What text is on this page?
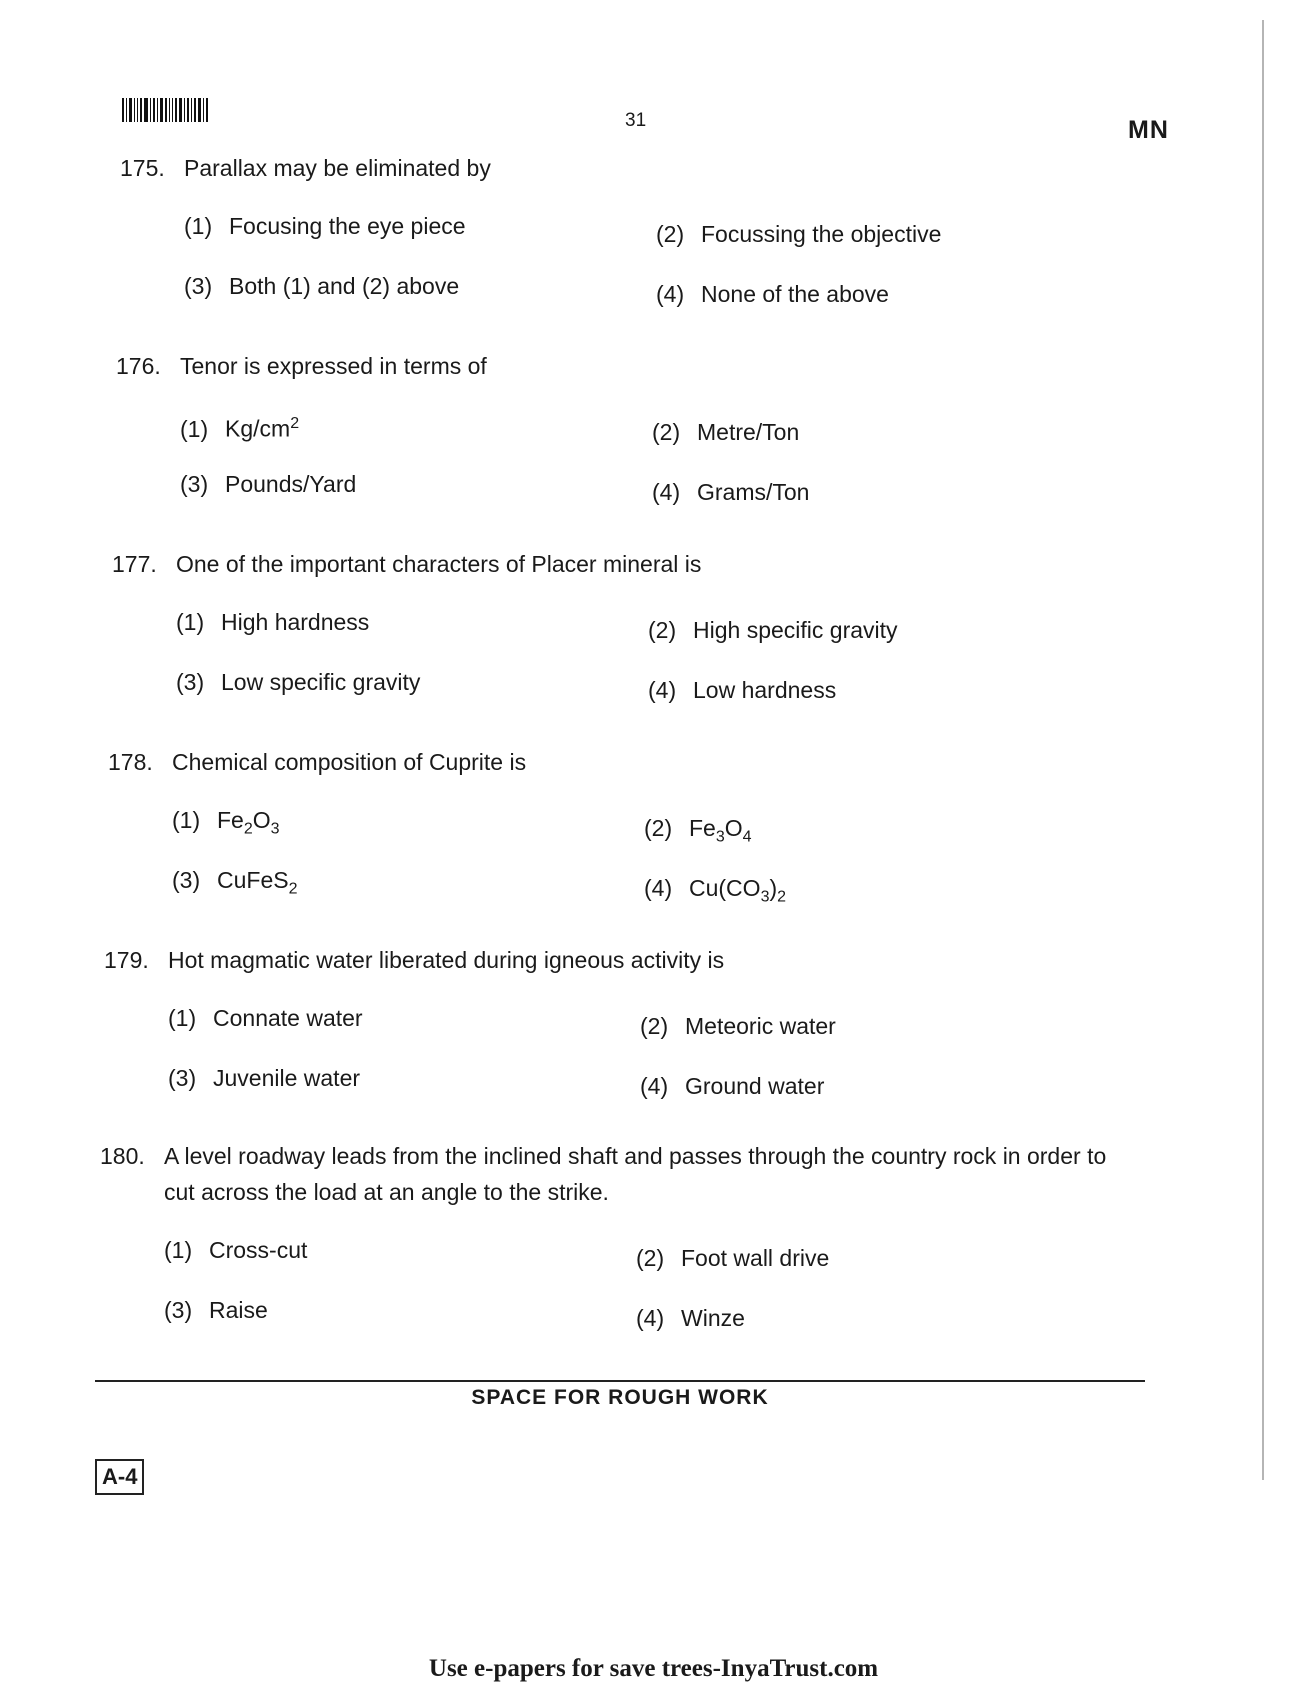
31	MN
175. Parallax may be eliminated by
(1) Focusing the eye piece	(2) Focussing the objective
(3) Both (1) and (2) above	(4) None of the above
176. Tenor is expressed in terms of
(1) $Kg/cm^2$	(2) Metre/Ton
(3) Pounds/Yard	(4) Grams/Ton
177. One of the important characters of Placer mineral is
(1) High hardness	(2) High specific gravity
(3) Low specific gravity	(4) Low hardness
178. Chemical composition of Cuprite is
(1) $Fe_2O_3$	(2) $Fe_3O_4$
(3) CuFeS$_2$	(4) $Cu(CO_3)_2$
179. Hot magmatic water liberated during igneous activity is
(1) Connate water	(2) Meteoric water
(3) Juvenile water	(4) Ground water
180. A level roadway leads from the inclined shaft and passes through the country rock in order to cut across the load at an angle to the strike.
(1) Cross-cut	(2) Foot wall drive
(3) Raise	(4) Winze
SPACE FOR ROUGH WORK
A-4
Use e-papers for save trees-InyaTrust.com
